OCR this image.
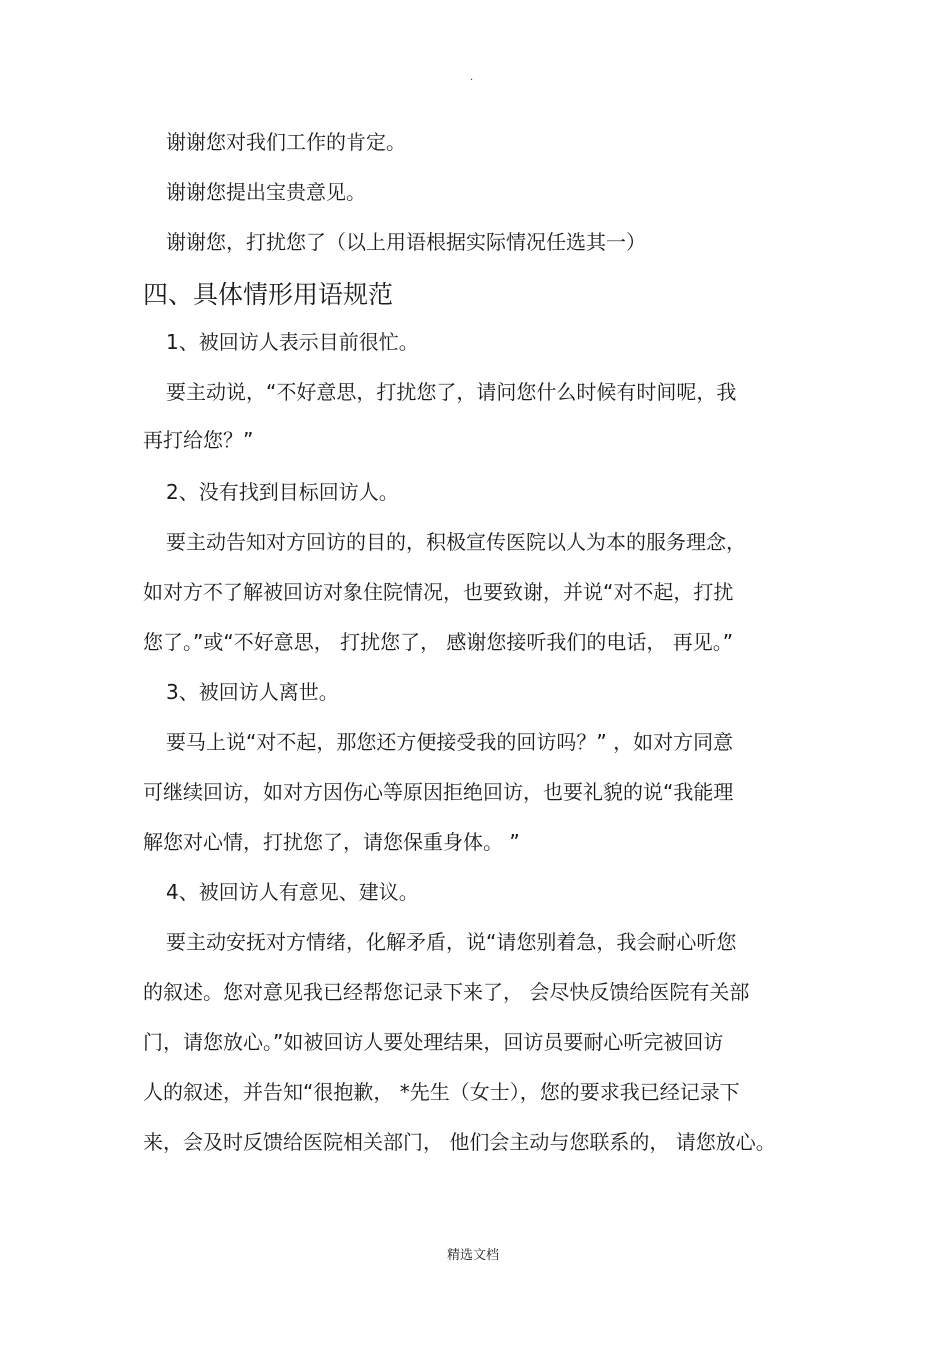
.
谢谢您对我们工作的肯定。
谢谢您提出宝贵意见。
谢谢您，打扰您了（以上用语根据实际情况任选其一）
四、具体情形用语规范
1、被回访人表示目前很忙。
要主动说，“不好意思，打扰您了，请问您什么时候有时间呢，我
再打给您？”
2、没有找到目标回访人。
要主动告知对方回访的目的，积极宣传医院以人为本的服务理念，
如对方不了解被回访对象住院情况，也要致谢，并说“对不起，打扰
您了。”或“不好意思， 打扰您了， 感谢您接听我们的电话， 再见。”
3、被回访人离世。
要马上说“对不起，那您还方便接受我的回访吗？” ，如对方同意
可继续回访，如对方因伤心等原因拒绝回访，也要礼貌的说“我能理
解您对心情，打扰您了，请您保重身体。 ”
4、被回访人有意见、建议。
要主动安抚对方情绪，化解矛盾，说“请您别着急，我会耐心听您
的叙述。您对意见我已经帮您记录下来了， 会尽快反馈给医院有关部
门，请您放心。”如被回访人要处理结果，回访员要耐心听完被回访
人的叙述，并告知“很抱歉， *先生（女士），您的要求我已经记录下
来，会及时反馈给医院相关部门， 他们会主动与您联系的， 请您放心。
精选文档
